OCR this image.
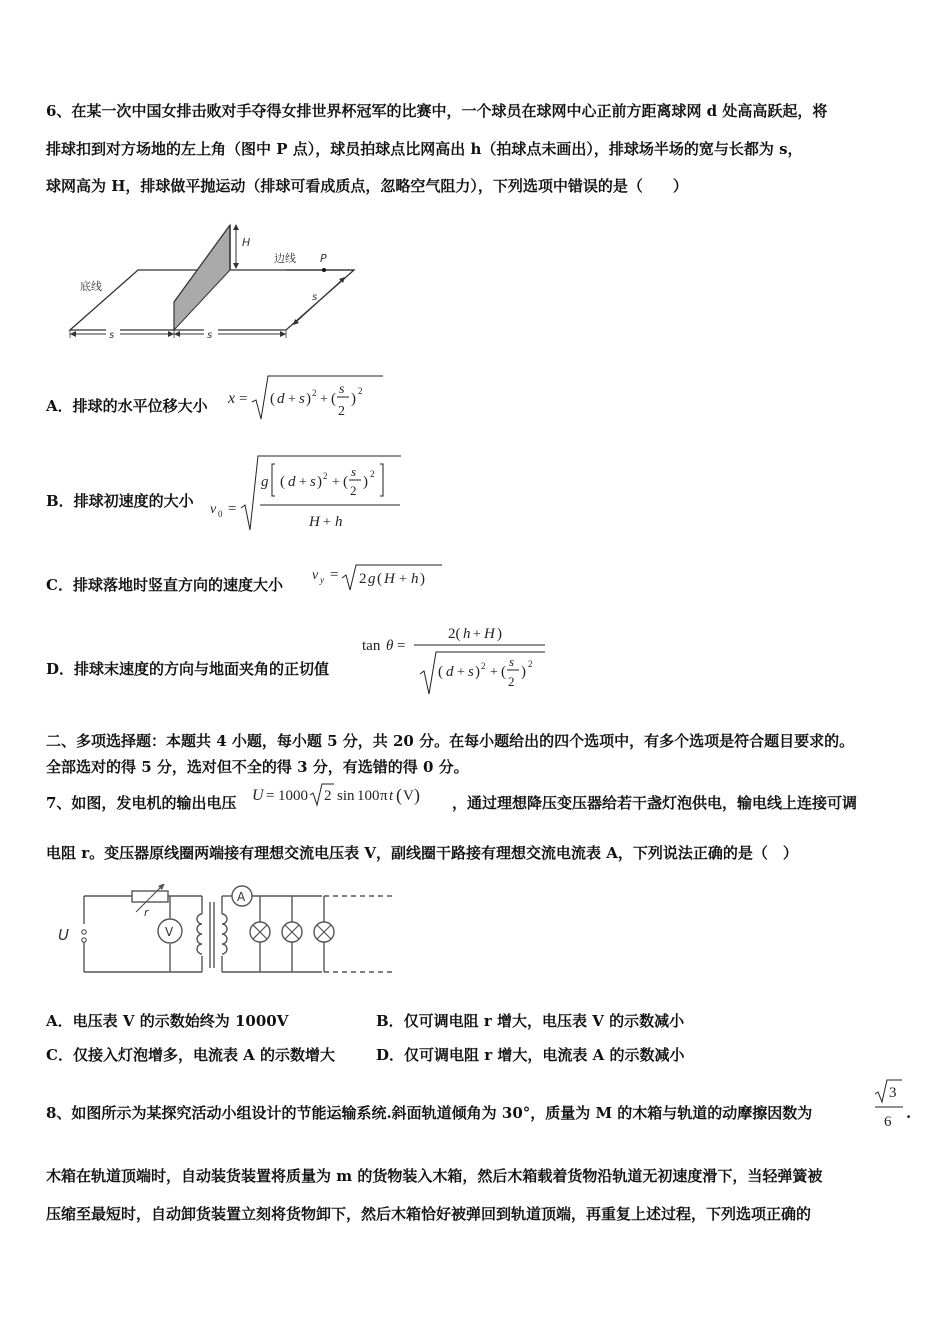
6、在某一次中国女排击败对手夺得女排世界杯冠军的比赛中，一个球员在球网中心正前方距离球网 d 处高高跃起，将
排球扣到对方场地的左上角（图中 P 点），球员拍球点比网高出 h（拍球点未画出），排球场半场的宽与长都为 s，
球网高为 H，排球做平抛运动（排球可看成质点，忽略空气阻力），下列选项中错误的是（　　）
H
边线 P
底线
s
s	s
A．排球的水平位移大小 x = ( d + s ) 2 + (
s
2
) 2
B．排球初速度的大小 v 0 =
g ( d + s ) 2 + (
s
2
) 2
H + h
C．排球落地时竖直方向的速度大小
v y = 2 g ( H + h )
tan θ =
2( h + H )
( d + s ) 2 + (
s
2
) 2
D．排球末速度的方向与地面夹角的正切值
二、多项选择题：本题共 4 小题，每小题 5 分，共 20 分。在每小题给出的四个选项中，有多个选项是符合题目要求的。
全部选对的得 5 分，选对但不全的得 3 分，有选错的得 0 分。
7、如图，发电机的输出电压 U = 1000 2 sin 100 π t ( V ) ，通过理想降压变压器给若干盏灯泡供电，输电线上连接可调
电阻 r。变压器原线圈两端接有理想交流电压表 V，副线圈干路接有理想交流电流表 A，下列说法正确的是（　）
U
r
V
A
A．电压表 V 的示数始终为 1000V	B．仅可调电阻 r 增大，电压表 V 的示数减小
C．仅接入灯泡增多，电流表 A 的示数增大	D．仅可调电阻 r 增大，电流表 A 的示数减小
8、如图所示为某探究活动小组设计的节能运输系统.斜面轨道倾角为 30°，质量为 M 的木箱与轨道的动摩擦因数为
3
6 .
木箱在轨道顶端时，自动装货装置将质量为 m 的货物装入木箱，然后木箱载着货物沿轨道无初速度滑下，当轻弹簧被
压缩至最短时，自动卸货装置立刻将货物卸下，然后木箱恰好被弹回到轨道顶端，再重复上述过程，下列选项正确的
